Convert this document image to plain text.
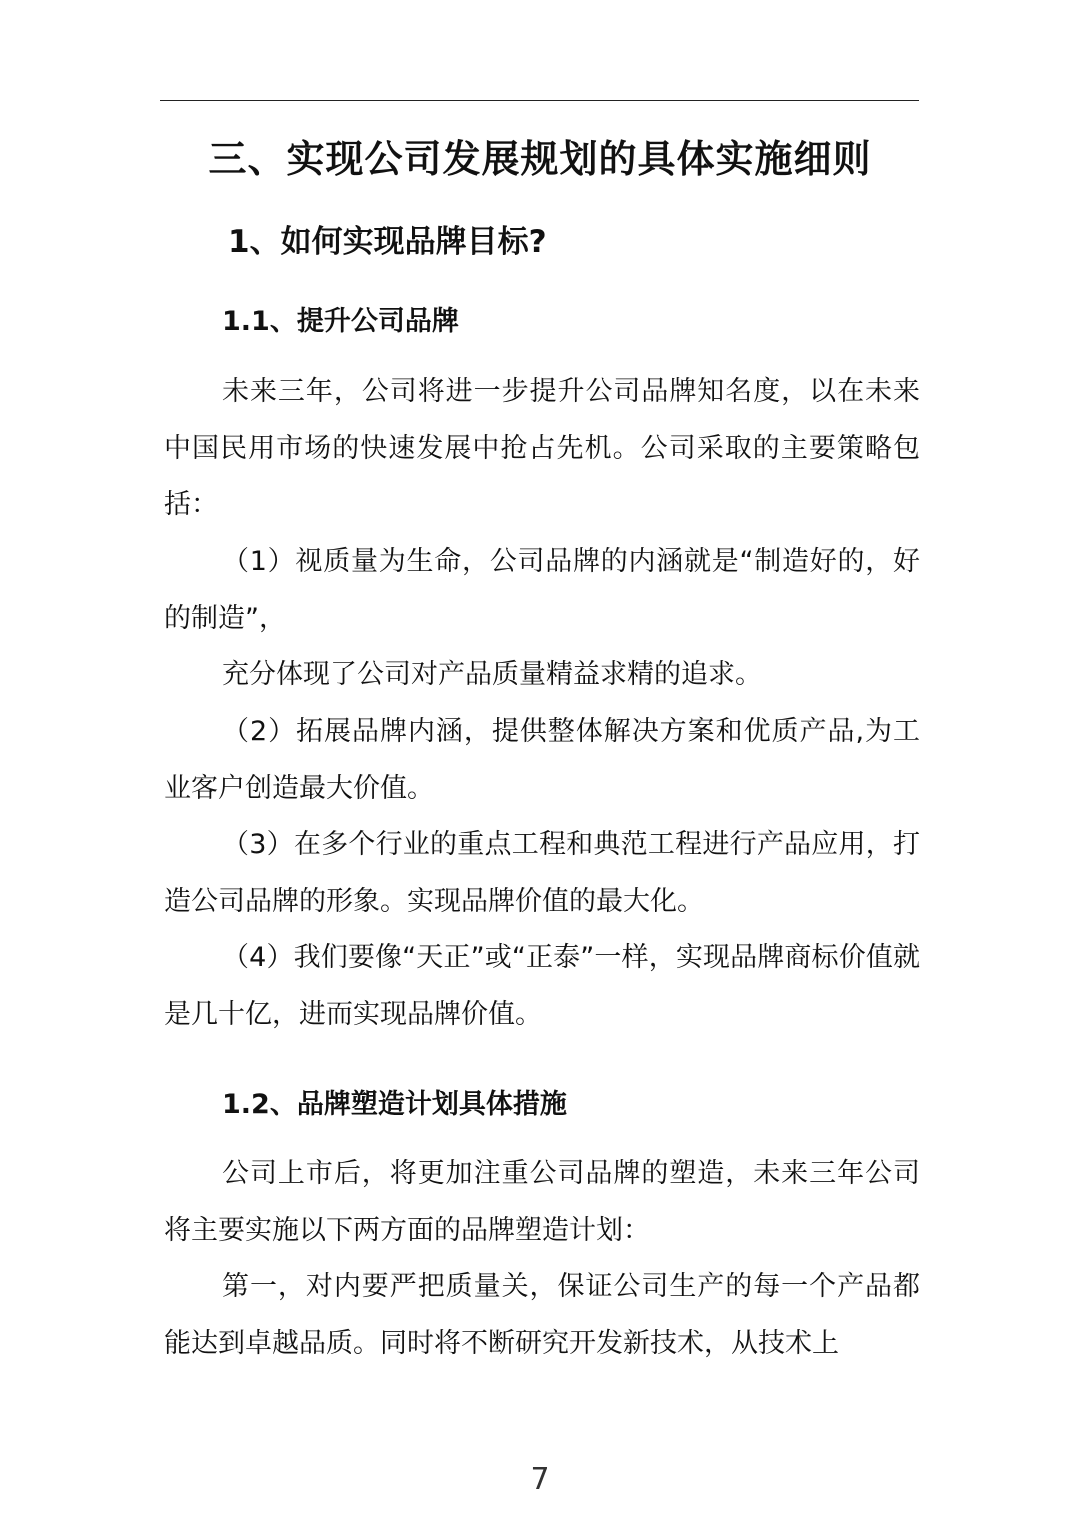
三、实现公司发展规划的具体实施细则
1、如何实现品牌目标?
1.1、提升公司品牌

未来三年，公司将进一步提升公司品牌知名度，以在未来中国民用市场的快速发展中抢占先机。公司采取的主要策略包括：

（1）视质量为生命，公司品牌的内涵就是“制造好的，好的制造”，

充分体现了公司对产品质量精益求精的追求。

（2）拓展品牌内涵，提供整体解决方案和优质产品,为工业客户创造最大价值。

（3）在多个行业的重点工程和典范工程进行产品应用，打造公司品牌的形象。实现品牌价值的最大化。

（4）我们要像“天正”或“正泰”一样，实现品牌商标价值就是几十亿，进而实现品牌价值。

1.2、品牌塑造计划具体措施

公司上市后，将更加注重公司品牌的塑造，未来三年公司将主要实施以下两方面的品牌塑造计划：

第一，对内要严把质量关，保证公司生产的每一个产品都能达到卓越品质。同时将不断研究开发新技术，从技术上

7
